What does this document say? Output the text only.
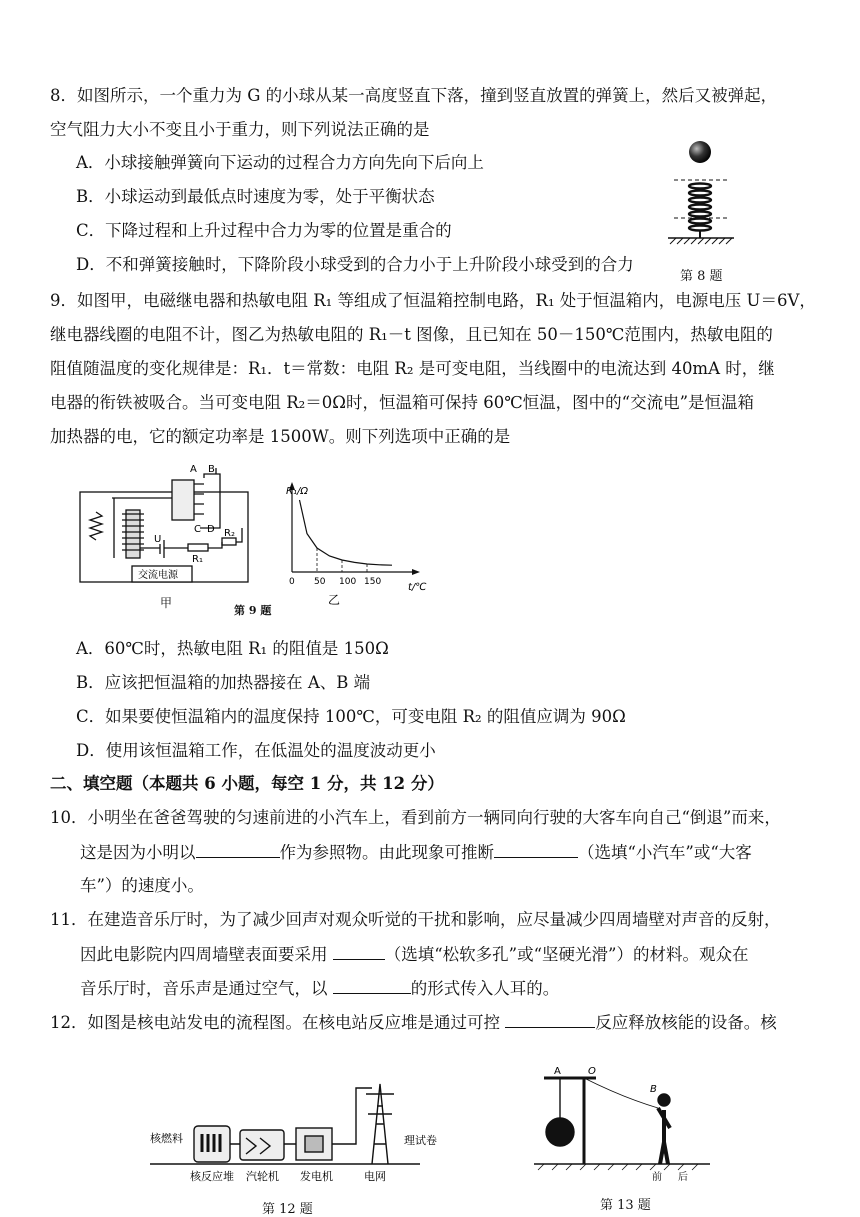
8．如图所示，一个重力为 G 的小球从某一高度竖直下落，撞到竖直放置的弹簧上，然后又被弹起，
空气阻力大小不变且小于重力，则下列说法正确的是
A．小球接触弹簧向下运动的过程合力方向先向下后向上
B．小球运动到最低点时速度为零，处于平衡状态
C．下降过程和上升过程中合力为零的位置是重合的
D．不和弹簧接触时，下降阶段小球受到的合力小于上升阶段小球受到的合力
第 8 题
9．如图甲，电磁继电器和热敏电阻 R₁ 等组成了恒温箱控制电路，R₁ 处于恒温箱内，电源电压 U＝6V，
继电器线圈的电阻不计，图乙为热敏电阻的 R₁－t 图像，且已知在 50－150℃范围内，热敏电阻的
阻值随温度的变化规律是：R₁．t＝常数：电阻 R₂ 是可变电阻，当线圈中的电流达到 40mA 时，继
电器的衔铁被吸合。当可变电阻 R₂＝0Ω时，恒温箱可保持 60℃恒温，图中的“交流电”是恒温箱
加热器的电，它的额定功率是 1500W。则下列选项中正确的是
A B
C D
U
R₁
R₂
交流电源
甲
第 9 题
R₁/Ω
t/℃
乙
0 50 100 150
A．60℃时，热敏电阻 R₁ 的阻值是 150Ω
B．应该把恒温箱的加热器接在 A、B 端
C．如果要使恒温箱内的温度保持 100℃，可变电阻 R₂ 的阻值应调为 90Ω
D．使用该恒温箱工作，在低温处的温度波动更小
二、填空题（本题共 6 小题，每空 1 分，共 12 分）
10．小明坐在爸爸驾驶的匀速前进的小汽车上，看到前方一辆同向行驶的大客车向自己“倒退”而来，
这是因为小明以	作为参照物。由此现象可推断	（选填“小汽车”或“大客
车”）的速度小。
11．在建造音乐厅时，为了减少回声对观众听觉的干扰和影响，应尽量减少四周墙壁对声音的反射，
因此电影院内四周墙壁表面要采用	（选填“松软多孔”或“坚硬光滑”）的材料。观众在
音乐厅时，音乐声是通过空气，以	的形式传入人耳的。
12．如图是核电站发电的流程图。在核电站反应堆是通过可控	反应释放核能的设备。核
核燃料	理试卷
核反应堆 汽轮机 发电机	电网
第 12 题
A	O
B
前 后
第 13 题
